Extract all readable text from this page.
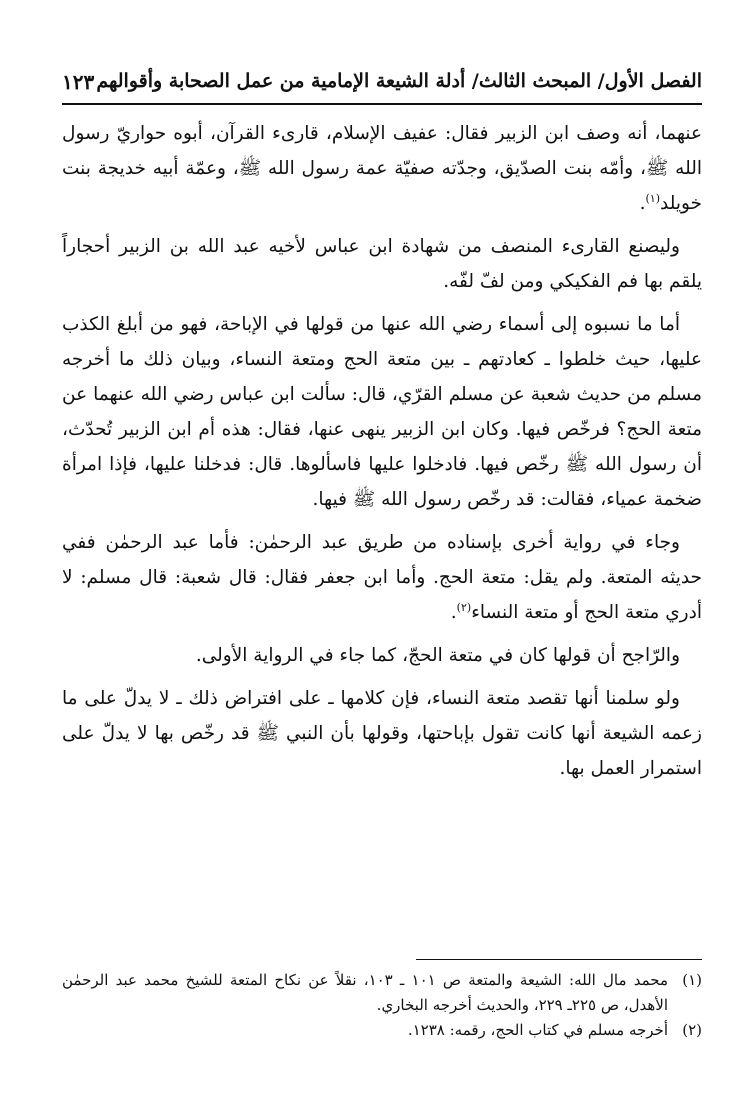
الفصل الأول/ المبحث الثالث/ أدلة الشيعة الإمامية من عمل الصحابة وأقوالهم
١٢٣

عنهما، أنه وصف ابن الزبير فقال: عفيف الإسلام، قارىء القرآن، أبوه حواريّ رسول الله ﷺ، وأمّه بنت الصدّيق، وجدّته صفيّة عمة رسول الله ﷺ، وعمّة أبيه خديجة بنت خويلد$^{(١)}$.

وليصنع القارىء المنصف من شهادة ابن عباس لأخيه عبد الله بن الزبير أحجاراً يلقم بها فم الفكيكي ومن لفّ لفّه.

أما ما نسبوه إلى أسماء رضي الله عنها من قولها في الإباحة، فهو من أبلغ الكذب عليها، حيث خلطوا ـ كعادتهم ـ بين متعة الحج ومتعة النساء، وبيان ذلك ما أخرجه مسلم من حديث شعبة عن مسلم القرّي، قال: سألت ابن عباس رضي الله عنهما عن متعة الحج؟ فرخّص فيها. وكان ابن الزبير ينهى عنها، فقال: هذه أم ابن الزبير تُحدّث، أن رسول الله ﷺ رخّص فيها. فادخلوا عليها فاسألوها. قال: فدخلنا عليها، فإذا امرأة ضخمة عمياء، فقالت: قد رخّص رسول الله ﷺ فيها.

وجاء في رواية أخرى بإسناده من طريق عبد الرحمٰن: فأما عبد الرحمٰن ففي حديثه المتعة. ولم يقل: متعة الحج. وأما ابن جعفر فقال: قال شعبة: قال مسلم: لا أدري متعة الحج أو متعة النساء$^{(٢)}$.

والرّاجح أن قولها كان في متعة الحجّ، كما جاء في الرواية الأولى.

ولو سلمنا أنها تقصد متعة النساء، فإن كلامها ـ على افتراض ذلك ـ لا يدلّ على ما زعمه الشيعة أنها كانت تقول بإباحتها، وقولها بأن النبي ﷺ قد رخّص بها لا يدلّ على استمرار العمل بها.

(١)
محمد مال الله: الشيعة والمتعة ص ١٠١ ـ ١٠٣، نقلاً عن نكاح المتعة للشيخ محمد عبد الرحمٰن الأهدل، ص ٢٢٥ـ ٢٢٩، والحديث أخرجه البخاري.
(٢)
أخرجه مسلم في كتاب الحج، رقمه: ١٢٣٨.
